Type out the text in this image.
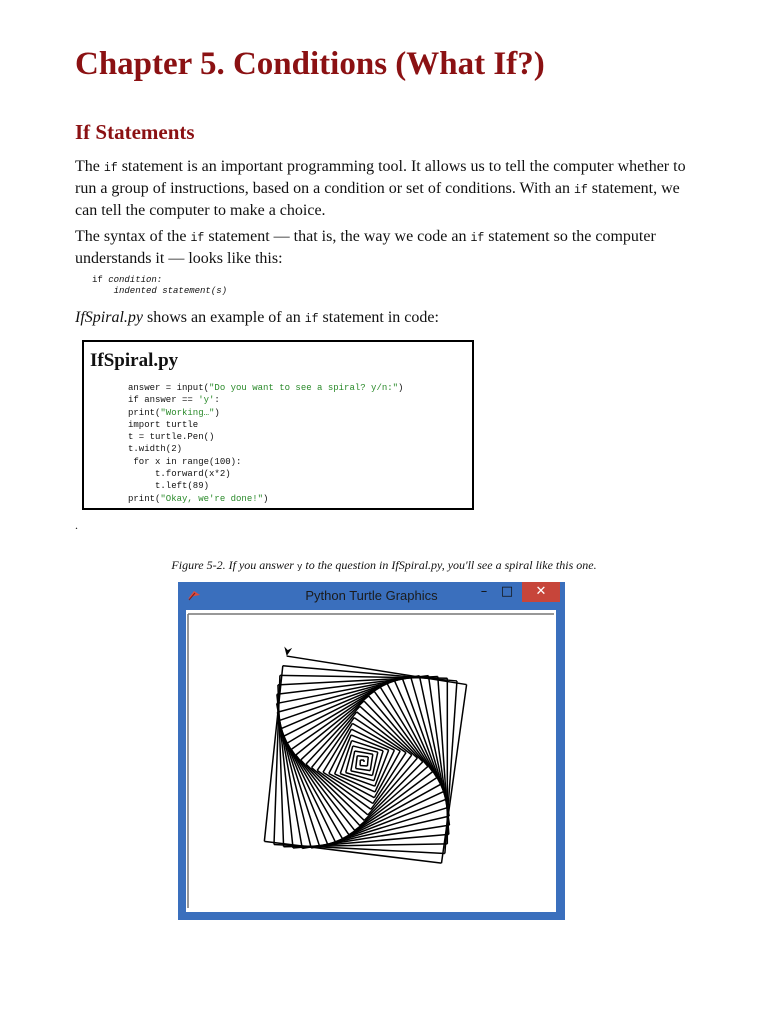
Chapter 5. Conditions (What If?)
If Statements

The if statement is an important programming tool. It allows us to tell the computer whether to run a group of instructions, based on a condition or set of conditions. With an if statement, we can tell the computer to make a choice.

The syntax of the if statement — that is, the way we code an if statement so the computer understands it — looks like this:

if condition:
indented statement(s)
IfSpiral.py shows an example of an if statement in code:
IfSpiral.py
answer = input("Do you want to see a spiral? y/n:")
if answer == 'y':
print("Working…")
import turtle
t = turtle.Pen()
t.width(2)
for x in range(100):
t.forward(x*2)
t.left(89)
print("Okay, we're done!")
.
Figure 5-2. If you answer y to the question in IfSpiral.py, you'll see a spiral like this one.
Python Turtle Graphics	–	□	✕
